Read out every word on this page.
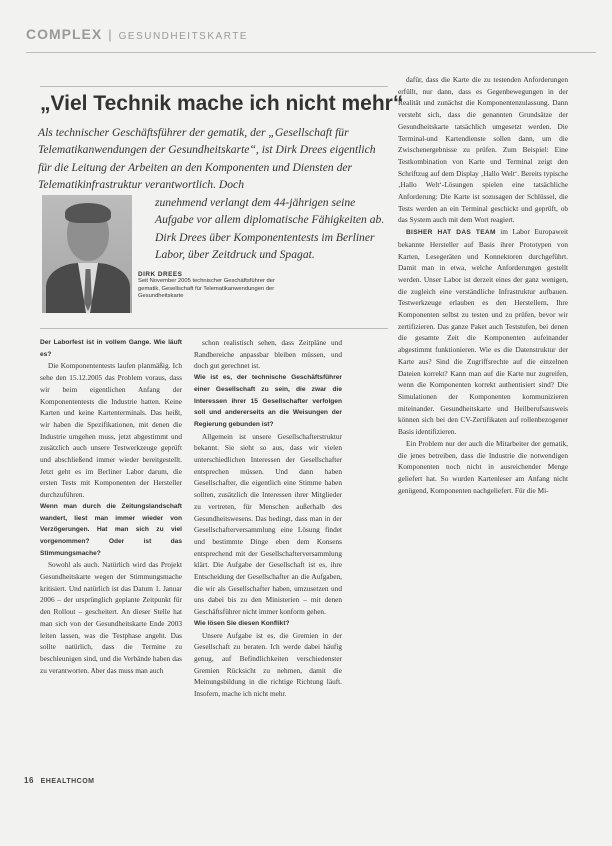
COMPLEX | GESUNDHEITSKARTE
„Viel Technik mache ich nicht mehr“
Als technischer Geschäftsführer der gematik, der „Gesellschaft für Telematikanwendungen der Gesundheitskarte“, ist Dirk Drees eigentlich für die Leitung der Arbeiten an den Komponenten und Diensten der Telematikinfrastruktur verantwortlich. Doch
zunehmend verlangt dem 44-jährigen seine Aufgabe vor allem diplomatische Fähigkeiten ab. Dirk Drees über Komponententests im Berliner Labor, über Zeitdruck und Spagat.
DIRK DREES
Seit November 2005 technischer Geschäftsführer der gematik, Gesellschaft für Telematikanwendungen der Gesundheitskarte

Der Laborfest ist in vollem Gange. Wie läuft es?

Die Komponententests laufen planmäßig. Ich sehe den 15.12.2005 das Problem voraus, dass wir beim eigentlichen Anfang der Komponententests die Industrie hatten. Keine Karten und keine Kartenterminals. Das heißt, wir haben die Spezifikationen, mit denen die Industrie umgehen muss, jetzt abgestimmt und zusätzlich auch unsere Testwerkzeuge geprüft und abschließend immer wieder bereitgestellt. Jetzt geht es im Berliner Labor darum, die ersten Tests mit Komponenten der Hersteller durchzuführen.

Wenn man durch die Zeitungslandschaft wandert, liest man immer wieder von Verzögerungen. Hat man sich zu viel vorgenommen? Oder ist das Stimmungsmache?

Sowohl als auch. Natürlich wird das Projekt Gesundheitskarte wegen der Stimmungsmache kritisiert. Und natürlich ist das Datum 1. Januar 2006 – der ursprünglich geplante Zeitpunkt für den Rollout – gescheitert. An dieser Stelle hat man sich von der Gesundheitskarte Ende 2003 leiten lassen, was die Testphase angeht. Das sollte natürlich, dass die Termine zu beschleunigen sind, und die Verbände haben das zu verantworten. Aber das muss man auch

schon realistisch sehen, dass Zeitpläne und Randbereiche anpassbar bleiben müssen, und doch gut gerechnet ist.

Wie ist es, der technische Geschäftsführer einer Gesellschaft zu sein, die zwar die Interessen ihrer 15 Gesellschafter verfolgen soll und andererseits an die Weisungen der Regierung gebunden ist?

Allgemein ist unsere Gesellschafterstruktur bekannt. Sie sieht so aus, dass wir vielen unterschiedlichen Interessen der Gesellschafter entsprechen müssen. Und dann haben Gesellschafter, die eigentlich eine Stimme haben sollten, zusätzlich die Interessen ihrer Mitglieder zu vertreten, für Menschen außerhalb des Gesundheitswesens. Das bedingt, dass man in der Gesellschafterversammlung eine Lösung findet und bestimmte Dinge eben dem Konsens entsprechend mit der Gesellschafterversammlung klärt. Die Aufgabe der Gesellschaft ist es, ihre Entscheidung der Gesellschafter an die Aufgaben, die wir als Gesellschafter haben, umzusetzen und uns dabei bis zu den Ministerien – mit denen Geschäftsführer nicht immer konform gehen.

Wie lösen Sie diesen Konflikt?

Unsere Aufgabe ist es, die Gremien in der Gesellschaft zu beraten. Ich werde dabei häufig genug, auf Befindlichkeiten verschiedenster Gremien Rücksicht zu nehmen, damit die Meinungsbildung in die richtige Richtung läuft. Insofern, mache ich nicht mehr.

dafür, dass die Karte die zu testenden Anforderungen erfüllt, nur dann, dass es Gegenbewegungen in der Realität und zunächst die Komponentenzulassung. Dann versteht sich, dass die genannten Grundsätze der Gesundheitskarte tatsächlich umgesetzt werden. Die Terminal-und Kartendienste sollen dann, um die Zwischenergebnisse zu prüfen. Zum Beispiel: Eine Testkombination von Karte und Terminal zeigt den Schriftzug auf dem Display ‚Hallo Welt‘. Bereits typische ‚Hallo Welt‘-Lösungen spielen eine tatsächliche Anforderung: Die Karte ist sozusagen der Schlüssel, die Tests werden an ein Terminal geschickt und geprüft, ob das System auch mit dem Wort reagiert.

BISHER HAT DAS TEAM im Labor Europaweit bekannte Hersteller auf Basis ihrer Prototypen von Karten, Lesegeräten und Konnektoren durchgeführt. Damit man in etwa, welche Anforderungen gestellt werden. Unser Labor ist derzeit eines der ganz wenigen, die zugleich eine verständliche Infrastruktur aufbauen. Testwerkzeuge erlauben es den Herstellern, Ihre Komponenten selbst zu testen und zu prüfen, bevor wir zertifizieren. Das ganze Paket auch Teststufen, bei denen die gesamte Zeit die Komponenten aufeinander abgestimmt funktionieren. Wie es die Datenstruktur der Karte aus? Sind die Zugriffsrechte auf die einzelnen Dateien korrekt? Kann man auf die Karte nur zugreifen, wenn die Komponenten korrekt authentisiert sind? Die Simulationen der Komponenten kommunizieren miteinander. Gesundheitskarte und Heilberufsausweis können sich bei den CV-Zertifikaten auf rollenbezogener Basis identifizieren.

Ein Problem nur der auch die Mitarbeiter der gematik, die jenes betreiben, dass die Industrie die notwendigen Komponenten noch nicht in ausreichender Menge geliefert hat. So wurden Kartenleser am Anfang nicht genügend, Komponenten nachgeliefert. Für die Mi-

16 EHEALTHCOM
